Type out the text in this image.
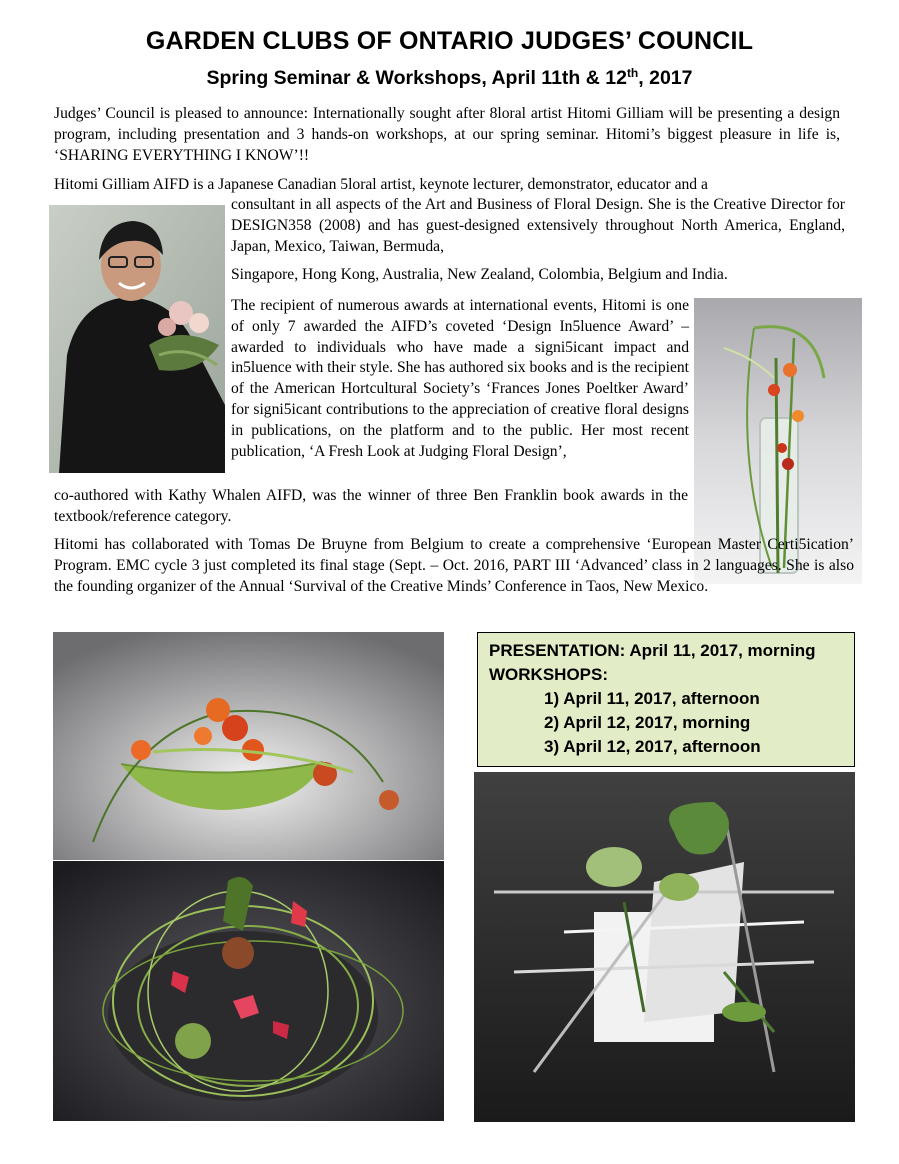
GARDEN CLUBS OF ONTARIO JUDGES’ COUNCIL
Spring Seminar & Workshops, April 11th & 12th, 2017

Judges’ Council is pleased to announce: Internationally sought after 8loral artist Hitomi Gilliam will be presenting a design program, including presentation and 3 hands-on workshops, at our spring seminar. Hitomi’s biggest pleasure in life is, ‘SHARING EVERYTHING I KNOW’!!

Hitomi Gilliam AIFD is a Japanese Canadian 5loral artist, keynote lecturer, demonstrator, educator and a

consultant in all aspects of the Art and Business of Floral Design. She is the Creative Director for DESIGN358 (2008) and has guest-designed extensively throughout North America, England, Japan, Mexico, Taiwan, Bermuda,

Singapore, Hong Kong, Australia, New Zealand, Colombia, Belgium and India.

The recipient of numerous awards at international events, Hitomi is one of only 7 awarded the AIFD’s coveted ‘Design In5luence Award’ – awarded to individuals who have made a signi5icant impact and in5luence with their style. She has authored six books and is the recipient of the American Hortcultural Society’s ‘Frances Jones Poeltker Award’ for signi5icant contributions to the appreciation of creative floral designs in publications, on the platform and to the public. Her most recent publication, ‘A Fresh Look at Judging Floral Design’,

co-authored with Kathy Whalen AIFD, was the winner of three Ben Franklin book awards in the textbook/reference category.

Hitomi has collaborated with Tomas De Bruyne from Belgium to create a comprehensive ‘European Master Certi5ication’ Program. EMC cycle 3 just completed its final stage (Sept. – Oct. 2016, PART III ‘Advanced’ class in 2 languages. She is also the founding organizer of the Annual ‘Survival of the Creative Minds’ Conference in Taos, New Mexico.

PRESENTATION: April 11, 2017, morning
WORKSHOPS:
1) April 11, 2017, afternoon
2) April 12, 2017, morning
3) April 12, 2017, afternoon
